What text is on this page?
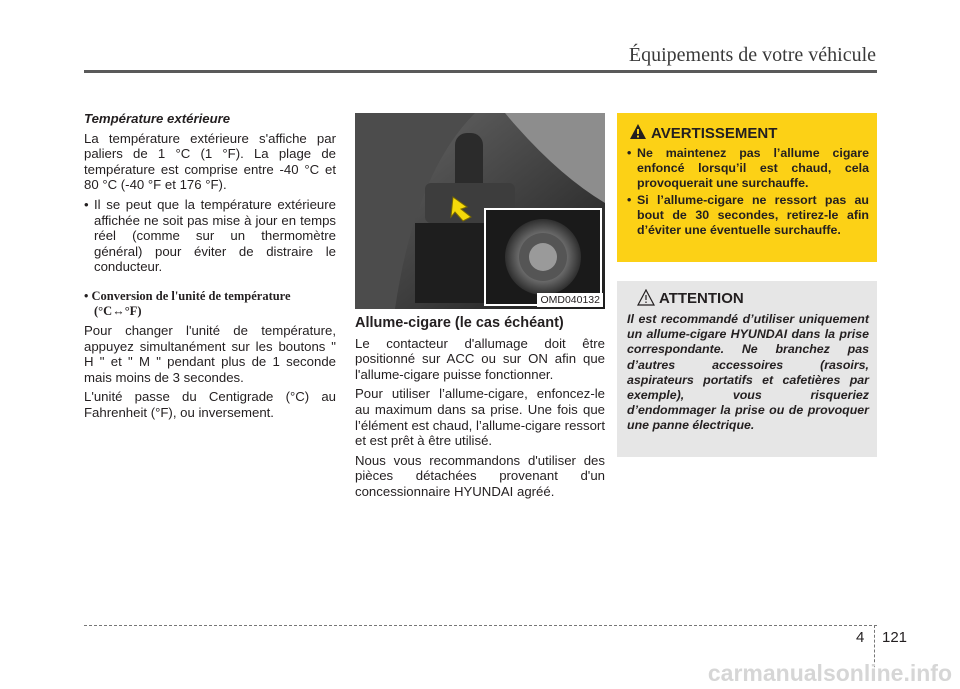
Équipements de votre véhicule

Température extérieure

La température extérieure s'affiche par paliers de 1 °C (1 °F). La plage de température est comprise entre -40 °C et 80 °C (-40 °F et 176 °F).

• Il se peut que la température extérieure affichée ne soit pas mise à jour en temps réel (comme sur un thermomètre général) pour éviter de distraire le conducteur.
• Conversion de l'unité de température
(°C↔°F)

Pour changer l'unité de température, appuyez simultanément sur les boutons " H " et " M " pendant plus de 1 seconde mais moins de 3 secondes.

L'unité passe du Centigrade (°C) au Fahrenheit (°F), ou inversement.

OMD040132

Allume-cigare (le cas échéant)

Le contacteur d'allumage doit être positionné sur ACC ou sur ON afin que l'allume-cigare puisse fonctionner.

Pour utiliser l’allume-cigare, enfoncez-le au maximum dans sa prise. Une fois que l’élément est chaud, l’allume-cigare ressort et est prêt à être utilisé.

Nous vous recommandons d'utiliser des pièces détachées provenant d'un concessionnaire HYUNDAI agréé.

AVERTISSEMENT
• Ne maintenez pas l’allume cigare enfoncé lorsqu’il est chaud, cela provoquerait une surchauffe.
• Si l’allume-cigare ne ressort pas au bout de 30 secondes, retirez-le afin d’éviter une éventuelle surchauffe.
ATTENTION
Il est recommandé d’utiliser uniquement un allume-cigare HYUNDAI dans la prise correspondante. Ne branchez pas d’autres accessoires (rasoirs, aspirateurs portatifs et cafetières par exemple), vous risqueriez d’endommager la prise ou de provoquer une panne électrique.
4 121
carmanualsonline.info
